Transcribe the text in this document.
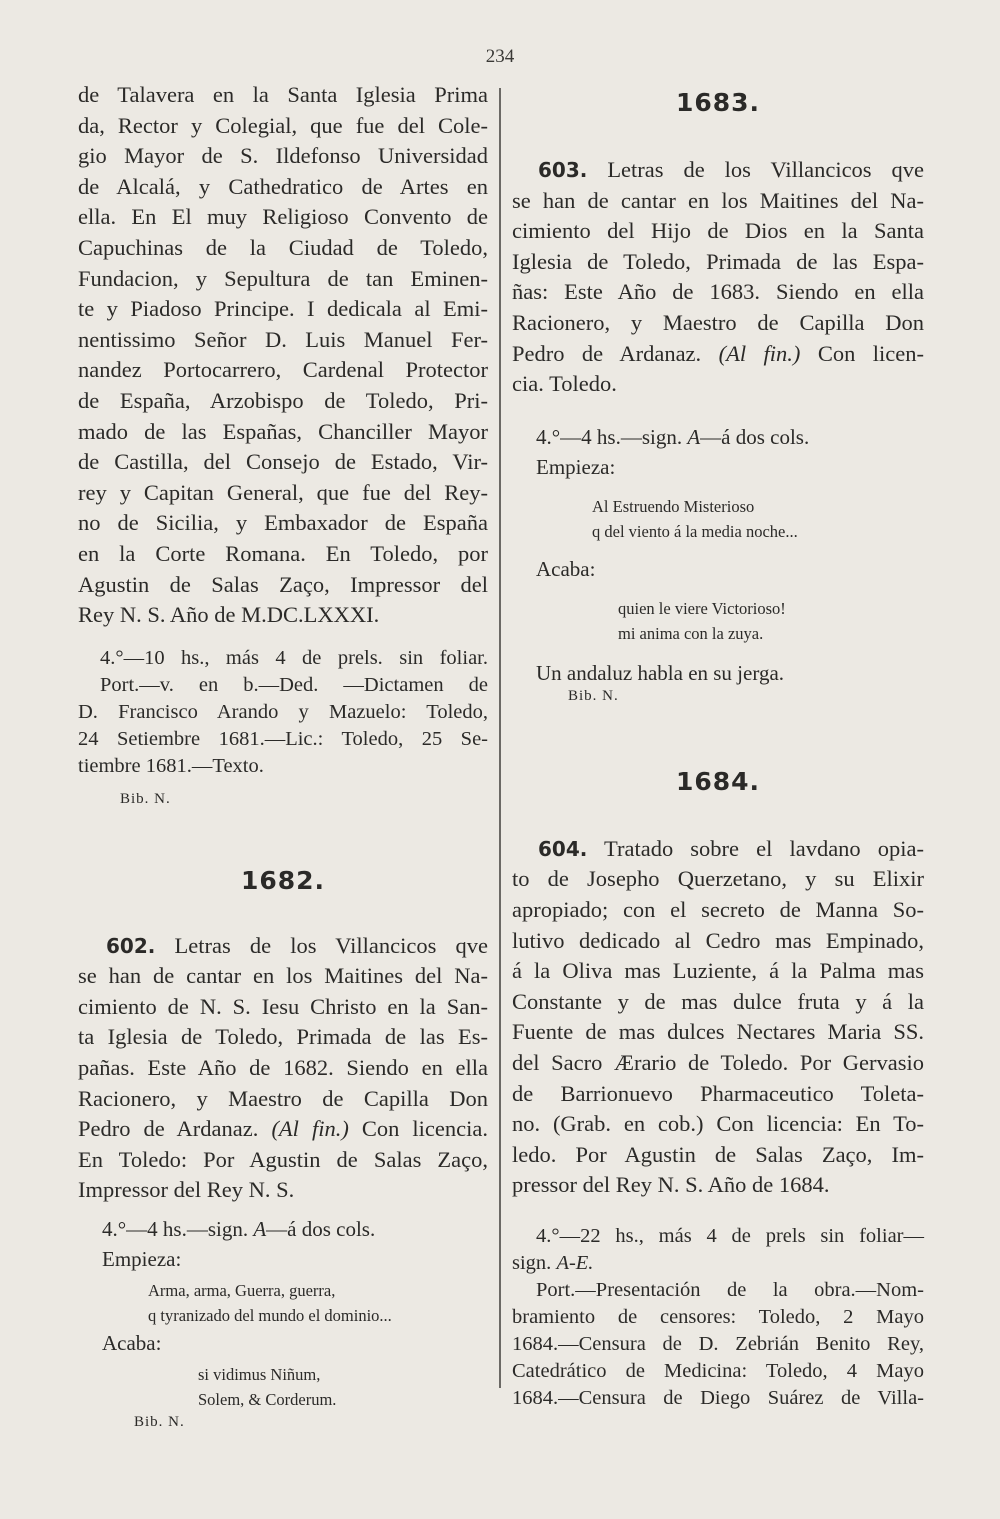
234
de Talavera en la Santa Iglesia Prima
da, Rector y Colegial, que fue del Cole-
gio Mayor de S. Ildefonso Universidad
de Alcalá, y Cathedratico de Artes en
ella. En El muy Religioso Convento de
Capuchinas de la Ciudad de Toledo,
Fundacion, y Sepultura de tan Eminen-
te y Piadoso Principe. I dedicala al Emi-
nentissimo Señor D. Luis Manuel Fer-
nandez Portocarrero, Cardenal Protector
de España, Arzobispo de Toledo, Pri-
mado de las Españas, Chanciller Mayor
de Castilla, del Consejo de Estado, Vir-
rey y Capitan General, que fue del Rey-
no de Sicilia, y Embaxador de España
en la Corte Romana. En Toledo, por
Agustin de Salas Zaço, Impressor del
Rey N. S. Año de M.DC.LXXXI.
4.°—10 hs., más 4 de prels. sin foliar.
Port.—v. en b.—Ded. —Dictamen de
D. Francisco Arando y Mazuelo: Toledo,
24 Setiembre 1681.—Lic.: Toledo, 25 Se-
tiembre 1681.—Texto.
Bib. N.
1682.
602. Letras de los Villancicos qve
se han de cantar en los Maitines del Na-
cimiento de N. S. Iesu Christo en la San-
ta Iglesia de Toledo, Primada de las Es-
pañas. Este Año de 1682. Siendo en ella
Racionero, y Maestro de Capilla Don
Pedro de Ardanaz. (Al fin.) Con licencia.
En Toledo: Por Agustin de Salas Zaço,
Impressor del Rey N. S.
4.°—4 hs.—sign. A—á dos cols.
Empieza:
Arma, arma, Guerra, guerra,
q tyranizado del mundo el dominio...
Acaba:
si vidimus Niñum,
Solem, & Corderum.
Bib. N.
1683.
603. Letras de los Villancicos qve
se han de cantar en los Maitines del Na-
cimiento del Hijo de Dios en la Santa
Iglesia de Toledo, Primada de las Espa-
ñas: Este Año de 1683. Siendo en ella
Racionero, y Maestro de Capilla Don
Pedro de Ardanaz. (Al fin.) Con licen-
cia. Toledo.
4.°—4 hs.—sign. A—á dos cols.
Empieza:
Al Estruendo Misterioso
q del viento á la media noche...
Acaba:
quien le viere Victorioso!
mi anima con la zuya.
Un andaluz habla en su jerga.
Bib. N.
1684.
604. Tratado sobre el lavdano opia-
to de Josepho Querzetano, y su Elixir
apropiado; con el secreto de Manna So-
lutivo dedicado al Cedro mas Empinado,
á la Oliva mas Luziente, á la Palma mas
Constante y de mas dulce fruta y á la
Fuente de mas dulces Nectares Maria SS.
del Sacro Ærario de Toledo. Por Gervasio
de Barrionuevo Pharmaceutico Toleta-
no. (Grab. en cob.) Con licencia: En To-
ledo. Por Agustin de Salas Zaço, Im-
pressor del Rey N. S. Año de 1684.
4.°—22 hs., más 4 de prels sin foliar—
sign. A-E.
Port.—Presentación de la obra.—Nom-
bramiento de censores: Toledo, 2 Mayo
1684.—Censura de D. Zebrián Benito Rey,
Catedrático de Medicina: Toledo, 4 Mayo
1684.—Censura de Diego Suárez de Villa-
